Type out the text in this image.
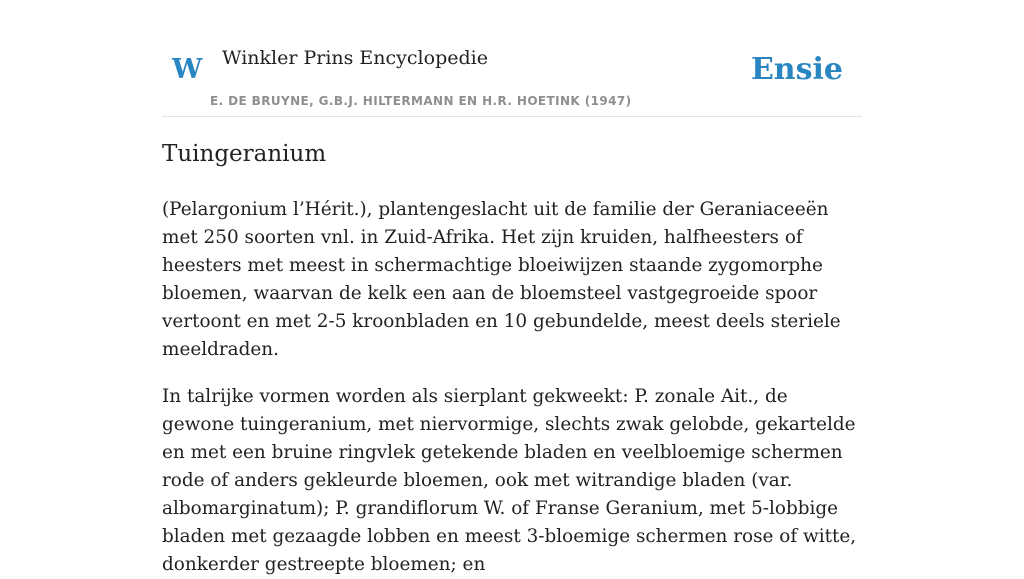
W Winkler Prins Encyclopedie
E. DE BRUYNE, G.B.J. HILTERMANN EN H.R. HOETINK (1947)
Ensie
Tuingeranium

(Pelargonium l’Hérit.), plantengeslacht uit de familie der Geraniaceeën met 250 soorten vnl. in Zuid-Afrika. Het zijn kruiden, halfheesters of heesters met meest in schermachtige bloeiwijzen staande zygomorphe bloemen, waarvan de kelk een aan de bloemsteel vastgegroeide spoor vertoont en met 2-5 kroonbladen en 10 gebundelde, meest deels steriele meeldraden.

In talrijke vormen worden als sierplant gekweekt: P. zonale Ait., de gewone tuingeranium, met niervormige, slechts zwak gelobde, gekartelde en met een bruine ringvlek getekende bladen en veelbloemige schermen rode of anders gekleurde bloemen, ook met witrandige bladen (var. albomarginatum); P. grandiflorum W. of Franse Geranium, met 5-lobbige bladen met gezaagde lobben en meest 3-bloemige schermen rose of witte, donkerder gestreepte bloemen; en
